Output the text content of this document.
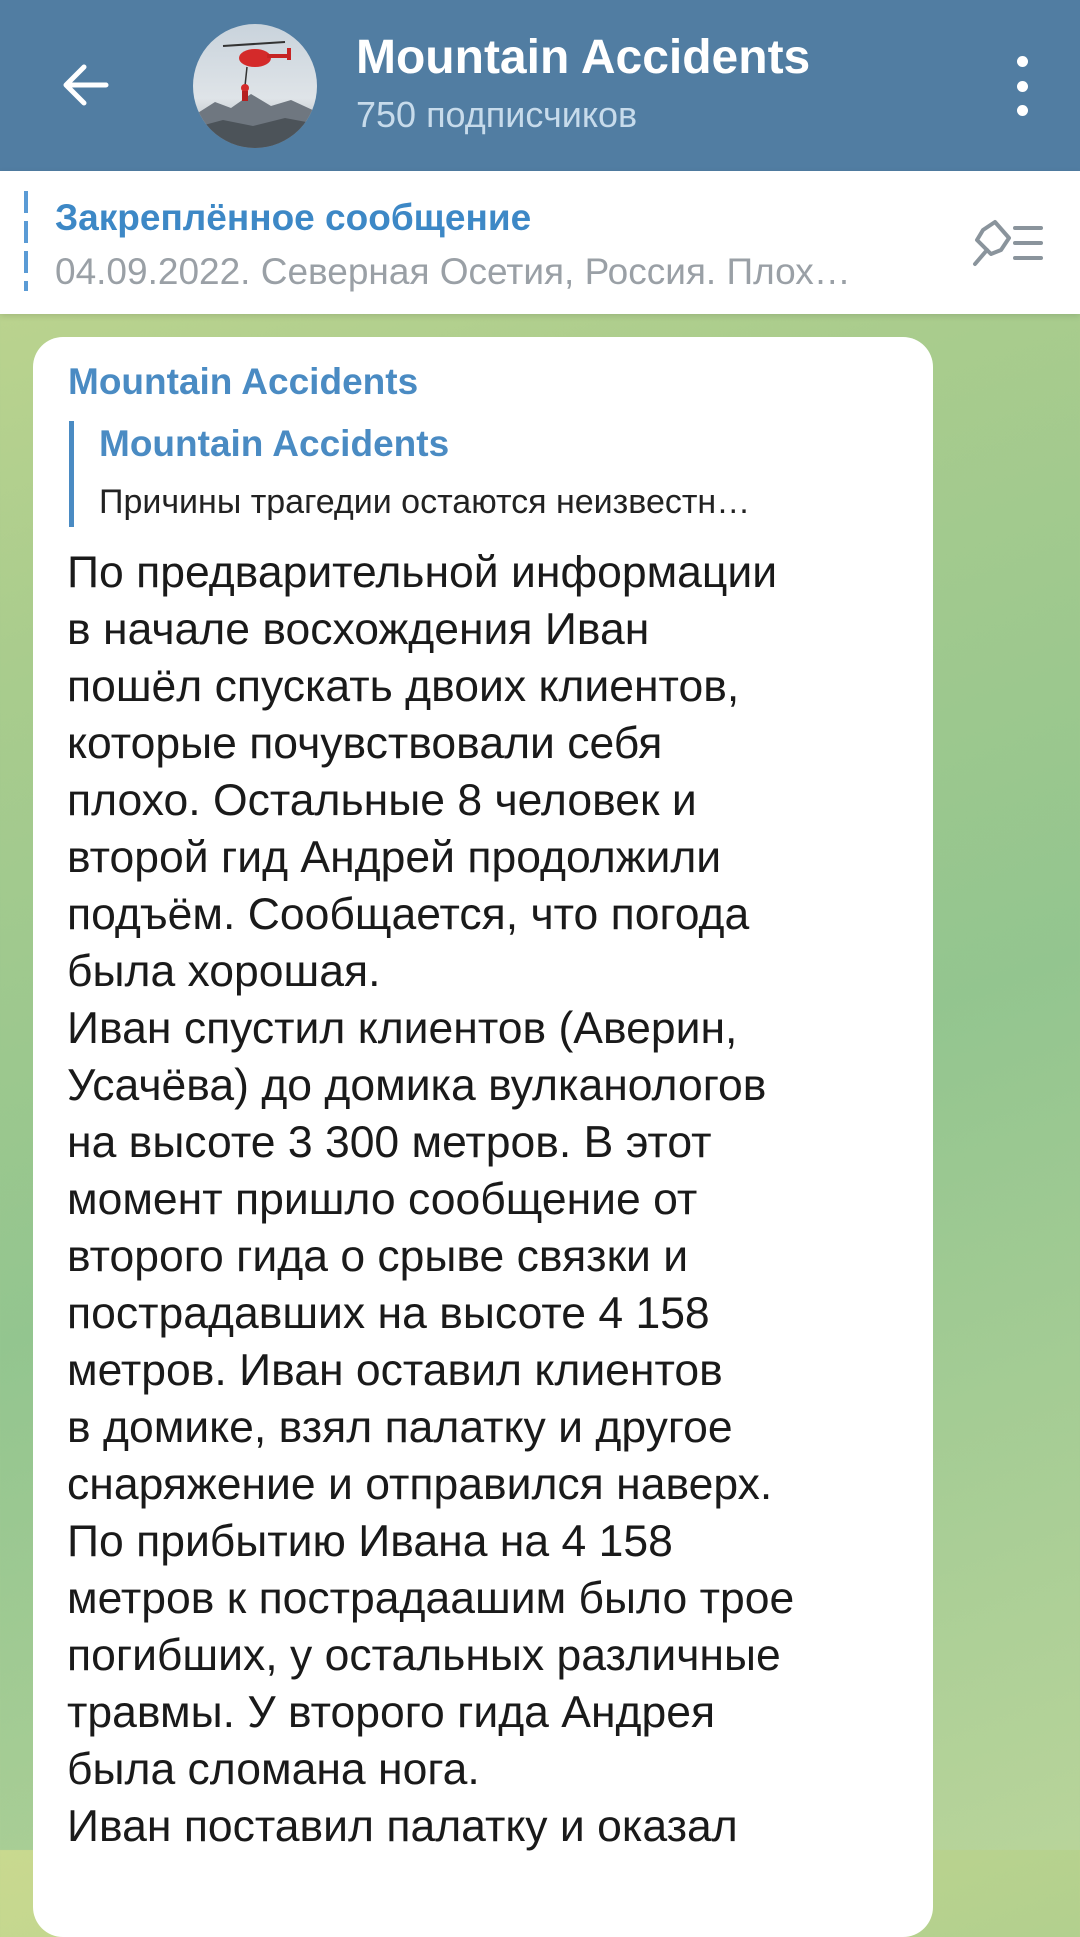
Mountain Accidents
750 подписчиков
Закреплённое сообщение
04.09.2022. Северная Осетия, Россия. Плох…
Mountain Accidents
Mountain Accidents
Причины трагедии остаются неизвестн…
По предварительной информации
в начале восхождения Иван
пошёл спускать двоих клиентов,
которые почувствовали себя
плохо. Остальные 8 человек и
второй гид Андрей продолжили
подъём. Сообщается, что погода
была хорошая.
Иван спустил клиентов (Аверин,
Усачёва) до домика вулканологов
на высоте 3 300 метров. В этот
момент пришло сообщение от
второго гида о срыве связки и
пострадавших на высоте 4 158
метров. Иван оставил клиентов
в домике, взял палатку и другое
снаряжение и отправился наверх.
По прибытию Ивана на 4 158
метров к пострадаашим было трое
погибших, у остальных различные
травмы. У второго гида Андрея
была сломана нога.
Иван поставил палатку и оказал
